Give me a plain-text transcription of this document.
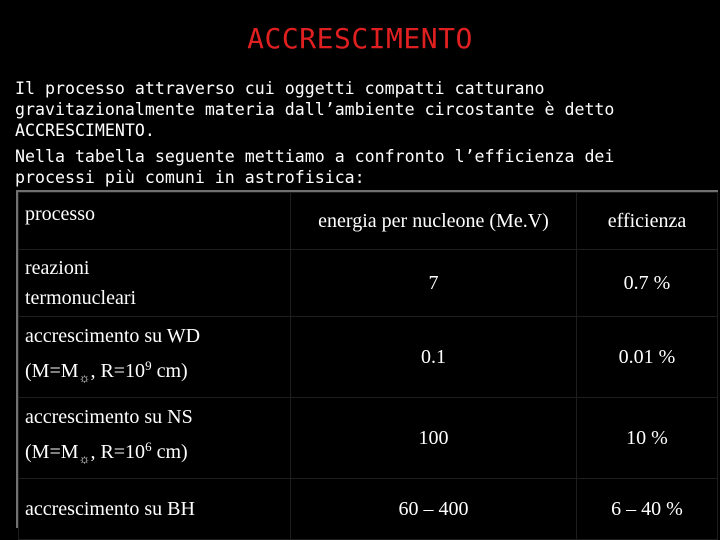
ACCRESCIMENTO

Il processo attraverso cui oggetti compatti catturano
gravitazionalmente materia dall’ambiente circostante è detto
ACCRESCIMENTO.

Nella tabella seguente mettiamo a confronto l’efficienza dei
processi più comuni in astrofisica:

processo	energia per nucleone (Me.V)	efficienza
reazioni
termonucleari	7	0.7 %
accrescimento su WD
($M=M_☼$, $R=10^9$ cm)	0.1	0.01 %
accrescimento su NS
($M=M_☼$, $R=10^6$ cm)	100	10 %
accrescimento su BH	60 – 400	6 – 40 %
